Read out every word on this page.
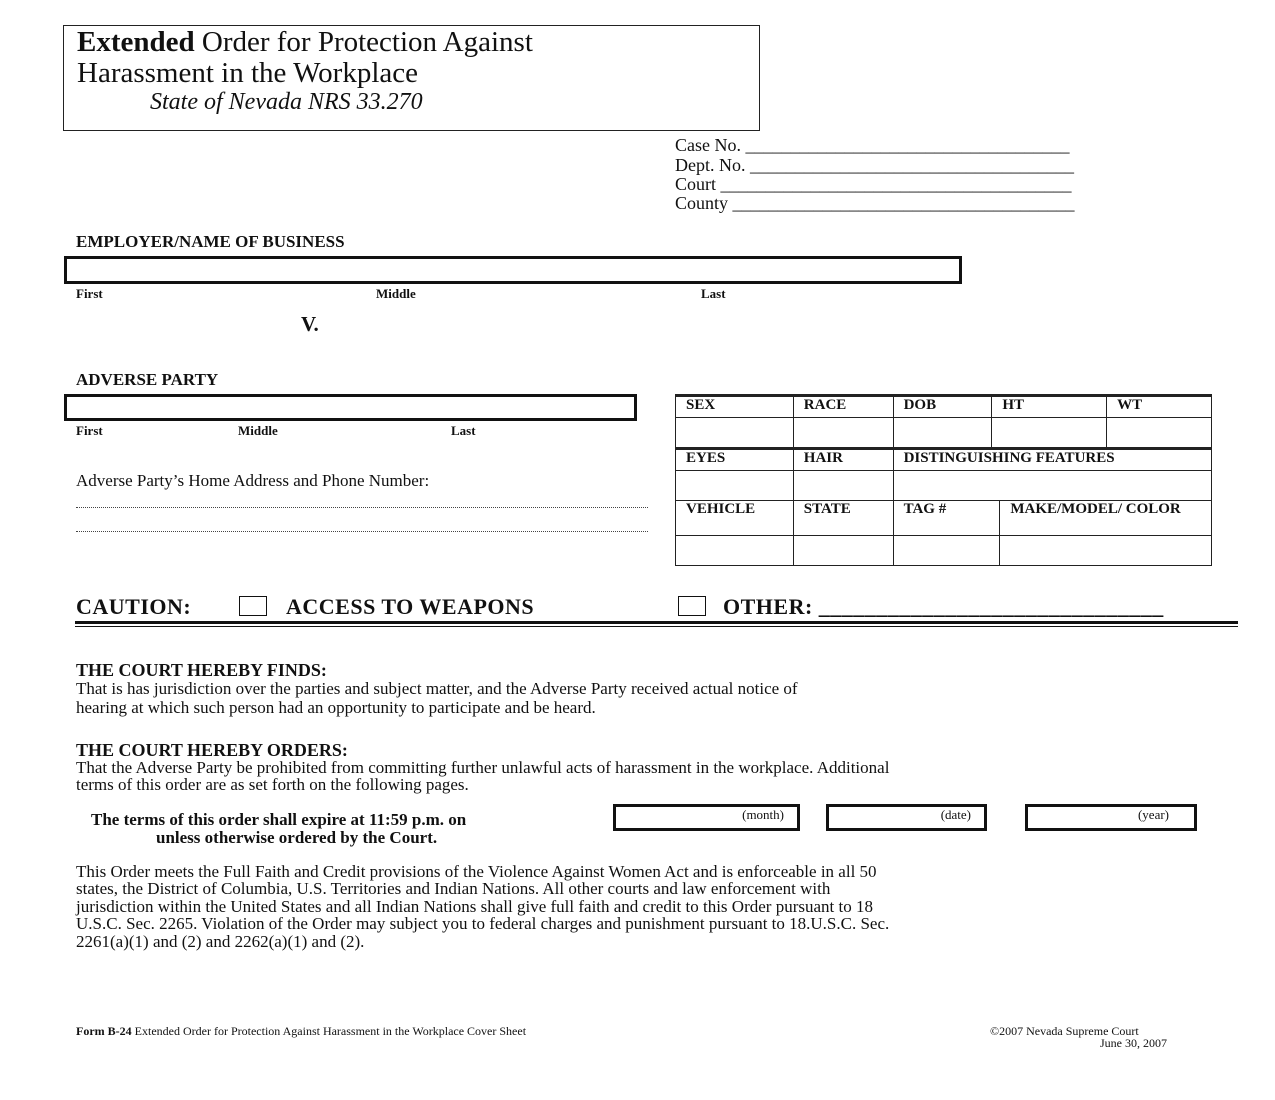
Extended Order for Protection Against
Harassment in the Workplace
State of Nevada NRS 33.270
Case No. ____________________________________
Dept. No. ____________________________________
Court _______________________________________
County ______________________________________
EMPLOYER/NAME OF BUSINESS
First	Middle	Last
V.
ADVERSE PARTY
First	Middle	Last
Adverse Party’s Home Address and Phone Number:
SEX	RACE	DOB	HT		WT

EYES	HAIR	DISTINGUISHING FEATURES			

VEHICLE	STATE	TAG #		MAKE/MODEL/ COLOR	

CAUTION:	ACCESS TO WEAPONS	OTHER: ______________________________
THE COURT HEREBY FINDS:
That is has jurisdiction over the parties and subject matter, and the Adverse Party received actual notice of
hearing at which such person had an opportunity to participate and be heard.
THE COURT HEREBY ORDERS:
That the Adverse Party be prohibited from committing further unlawful acts of harassment in the workplace. Additional
terms of this order are as set forth on the following pages.
The terms of this order shall expire at 11:59 p.m. on
unless otherwise ordered by the Court.
(month)	(date)	(year)
This Order meets the Full Faith and Credit provisions of the Violence Against Women Act and is enforceable in all 50
states, the District of Columbia, U.S. Territories and Indian Nations. All other courts and law enforcement with
jurisdiction within the United States and all Indian Nations shall give full faith and credit to this Order pursuant to 18
U.S.C. Sec. 2265. Violation of the Order may subject you to federal charges and punishment pursuant to 18.U.S.C. Sec.
2261(a)(1) and (2) and 2262(a)(1) and (2).
Form B-24 Extended Order for Protection Against Harassment in the Workplace Cover Sheet	©2007 Nevada Supreme Court
June 30, 2007
